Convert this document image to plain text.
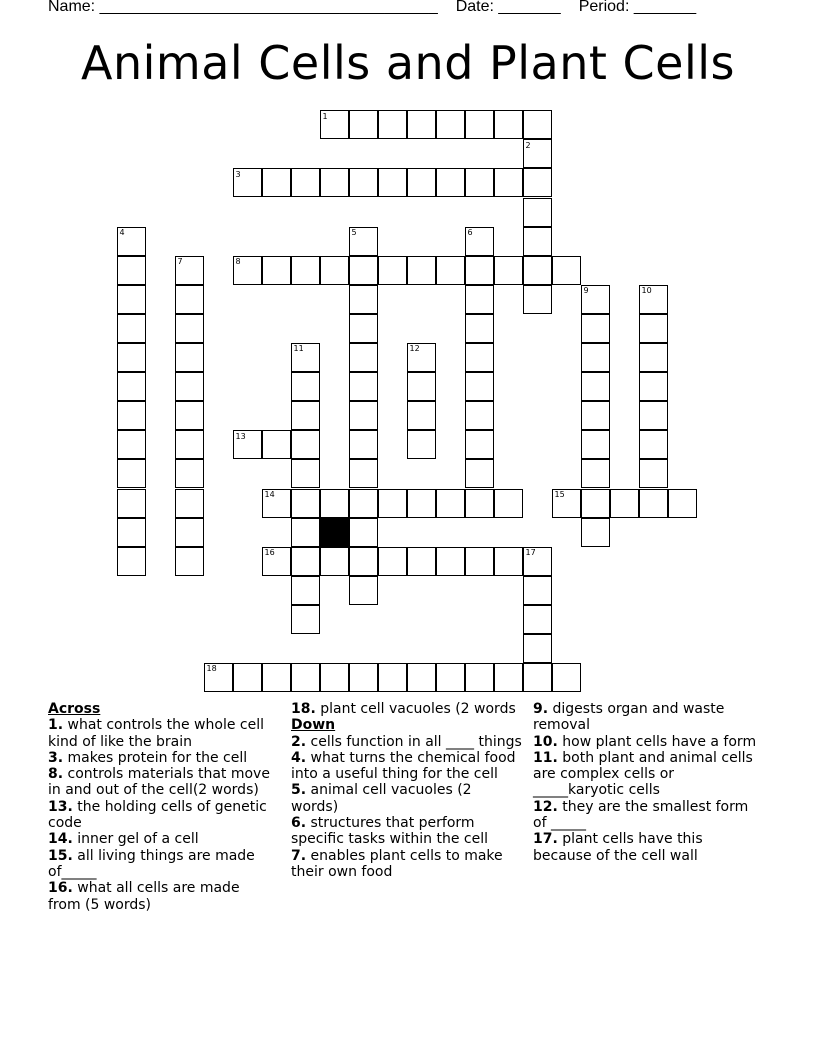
Name: ______________________________________ Date: _______ Period: _______
Animal Cells and Plant Cells
1
2
3
4	5	6
7	8
9	10
11	12
13
14	15
16	17
18

Across

1. what controls the whole cell kind of like the brain

3. makes protein for the cell

8. controls materials that move in and out of the cell(2 words)

13. the holding cells of genetic code

14. inner gel of a cell

15. all living things are made of_____

16. what all cells are made from (5 words)

18. plant cell vacuoles (2 words

Down

2. cells function in all ____ things

4. what turns the chemical food into a useful thing for the cell

5. animal cell vacuoles (2 words)

6. structures that perform specific tasks within the cell

7. enables plant cells to make their own food

9. digests organ and waste removal

10. how plant cells have a form

11. both plant and animal cells are complex cells or _____karyotic cells

12. they are the smallest form of _____

17. plant cells have this because of the cell wall
